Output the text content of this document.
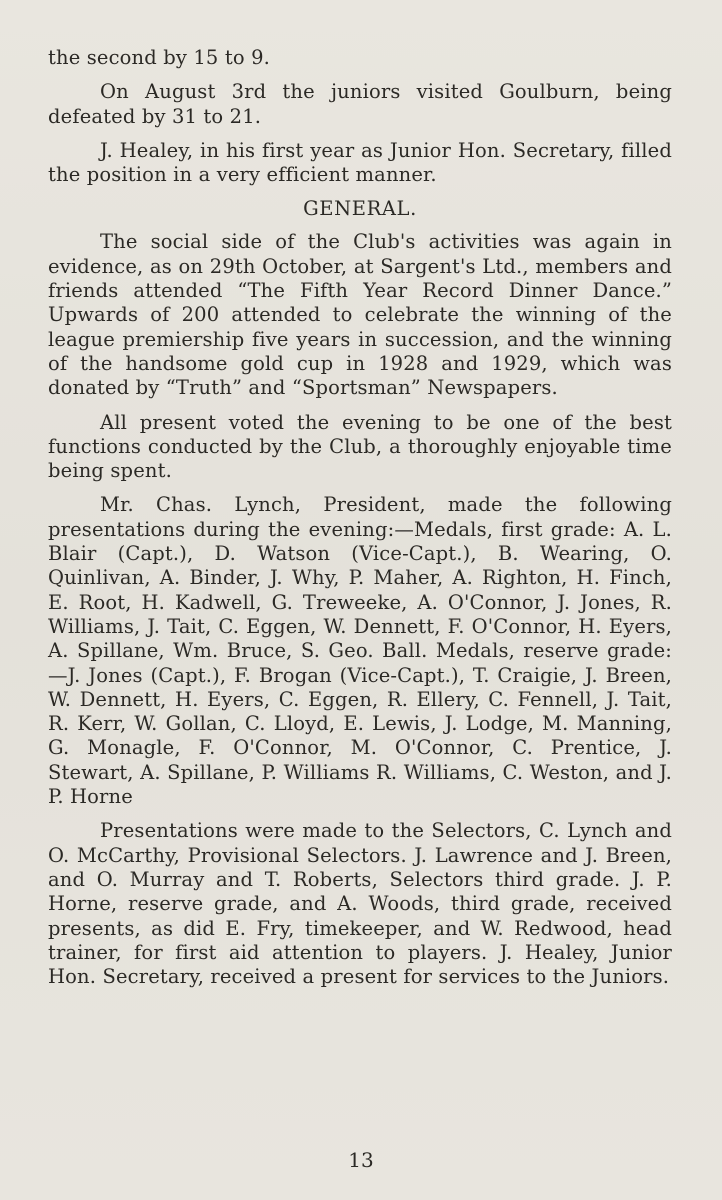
the second by 15 to 9.

On August 3rd the juniors visited Goulburn, being defeated by 31 to 21.

J. Healey, in his first year as Junior Hon. Secretary, filled the position in a very efficient manner.

GENERAL.

The social side of the Club's activities was again in evidence, as on 29th October, at Sargent's Ltd., members and friends attended “The Fifth Year Record Dinner Dance.” Upwards of 200 attended to celebrate the winning of the league premiership five years in succession, and the winning of the handsome gold cup in 1928 and 1929, which was donated by “Truth” and “Sportsman” Newspapers.

All present voted the evening to be one of the best functions conducted by the Club, a thoroughly enjoyable time being spent.

Mr. Chas. Lynch, President, made the following presentations during the evening:—Medals, first grade: A. L. Blair (Capt.), D. Watson (Vice-Capt.), B. Wearing, O. Quinlivan, A. Binder, J. Why, P. Maher, A. Righton, H. Finch, E. Root, H. Kadwell, G. Treweeke, A. O'Connor, J. Jones, R. Williams, J. Tait, C. Eggen, W. Dennett, F. O'Connor, H. Eyers, A. Spillane, Wm. Bruce, S. Geo. Ball. Medals, reserve grade:—J. Jones (Capt.), F. Brogan (Vice-Capt.), T. Craigie, J. Breen, W. Dennett, H. Eyers, C. Eggen, R. Ellery, C. Fennell, J. Tait, R. Kerr, W. Gollan, C. Lloyd, E. Lewis, J. Lodge, M. Manning, G. Monagle, F. O'Connor, M. O'Connor, C. Prentice, J. Stewart, A. Spillane, P. Williams R. Williams, C. Weston, and J. P. Horne

Presentations were made to the Selectors, C. Lynch and O. McCarthy, Provisional Selectors. J. Lawrence and J. Breen, and O. Murray and T. Roberts, Selectors third grade. J. P. Horne, reserve grade, and A. Woods, third grade, received presents, as did E. Fry, timekeeper, and W. Redwood, head trainer, for first aid attention to players. J. Healey, Junior Hon. Secretary, received a present for services to the Juniors.

13
